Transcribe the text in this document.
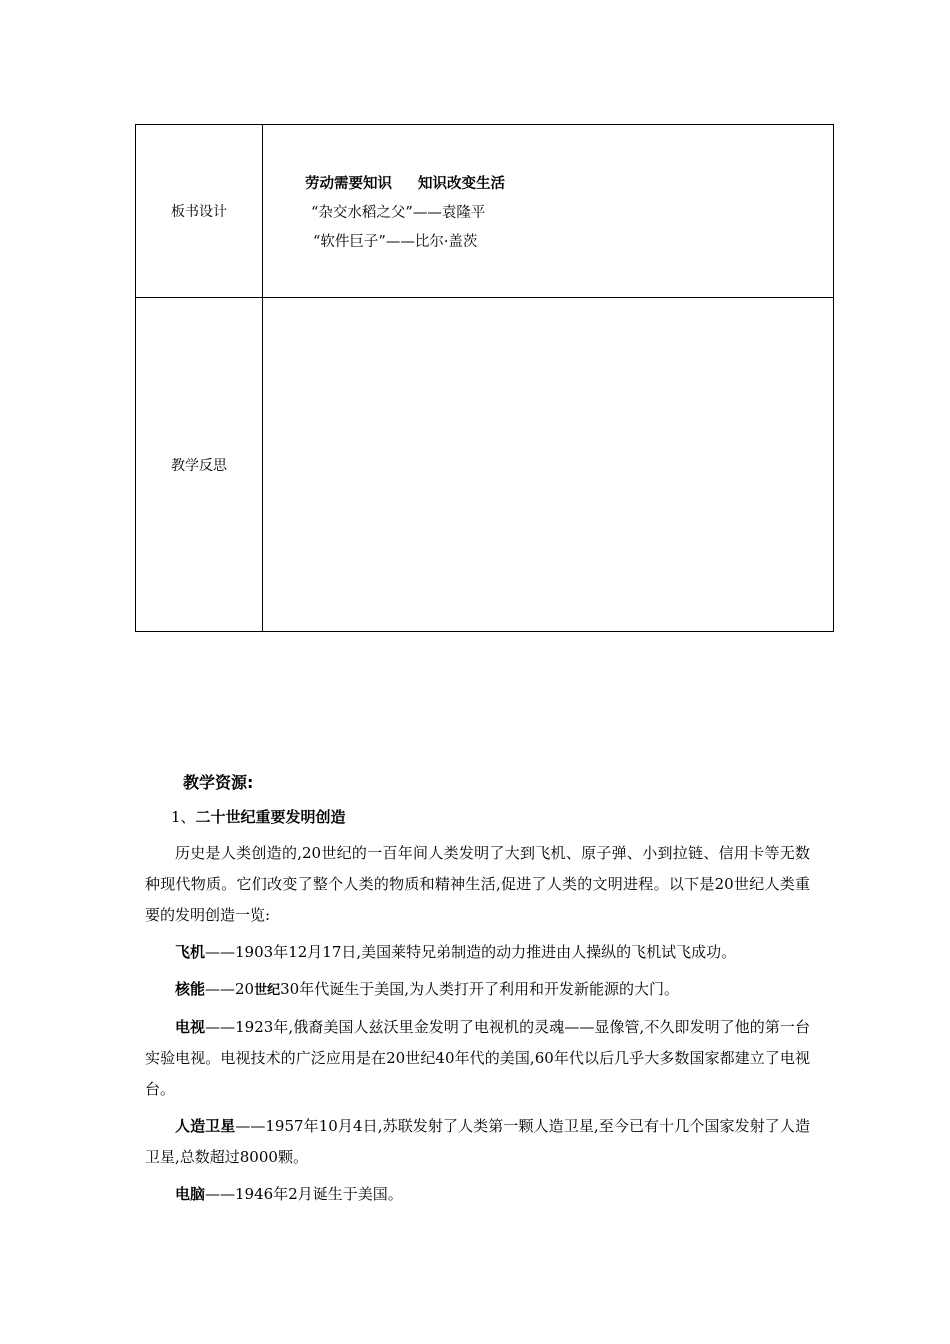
板书设计	劳动需要知识 知识改变生活
“杂交水稻之父”——袁隆平
“软件巨子”——比尔·盖茨

教学反思	
教学资源:
1、二十世纪重要发明创造
历史是人类创造的,20世纪的一百年间人类发明了大到飞机、原子弹、小到拉链、信用卡等无数种现代物质。它们改变了整个人类的物质和精神生活,促进了人类的文明进程。以下是20世纪人类重要的发明创造一览:
飞机——1903年12月17日,美国莱特兄弟制造的动力推进由人操纵的飞机试飞成功。
核能——20世纪30年代诞生于美国,为人类打开了利用和开发新能源的大门。
电视——1923年,俄裔美国人兹沃里金发明了电视机的灵魂——显像管,不久即发明了他的第一台实验电视。电视技术的广泛应用是在20世纪40年代的美国,60年代以后几乎大多数国家都建立了电视台。
人造卫星——1957年10月4日,苏联发射了人类第一颗人造卫星,至今已有十几个国家发射了人造卫星,总数超过8000颗。
电脑——1946年2月诞生于美国。
